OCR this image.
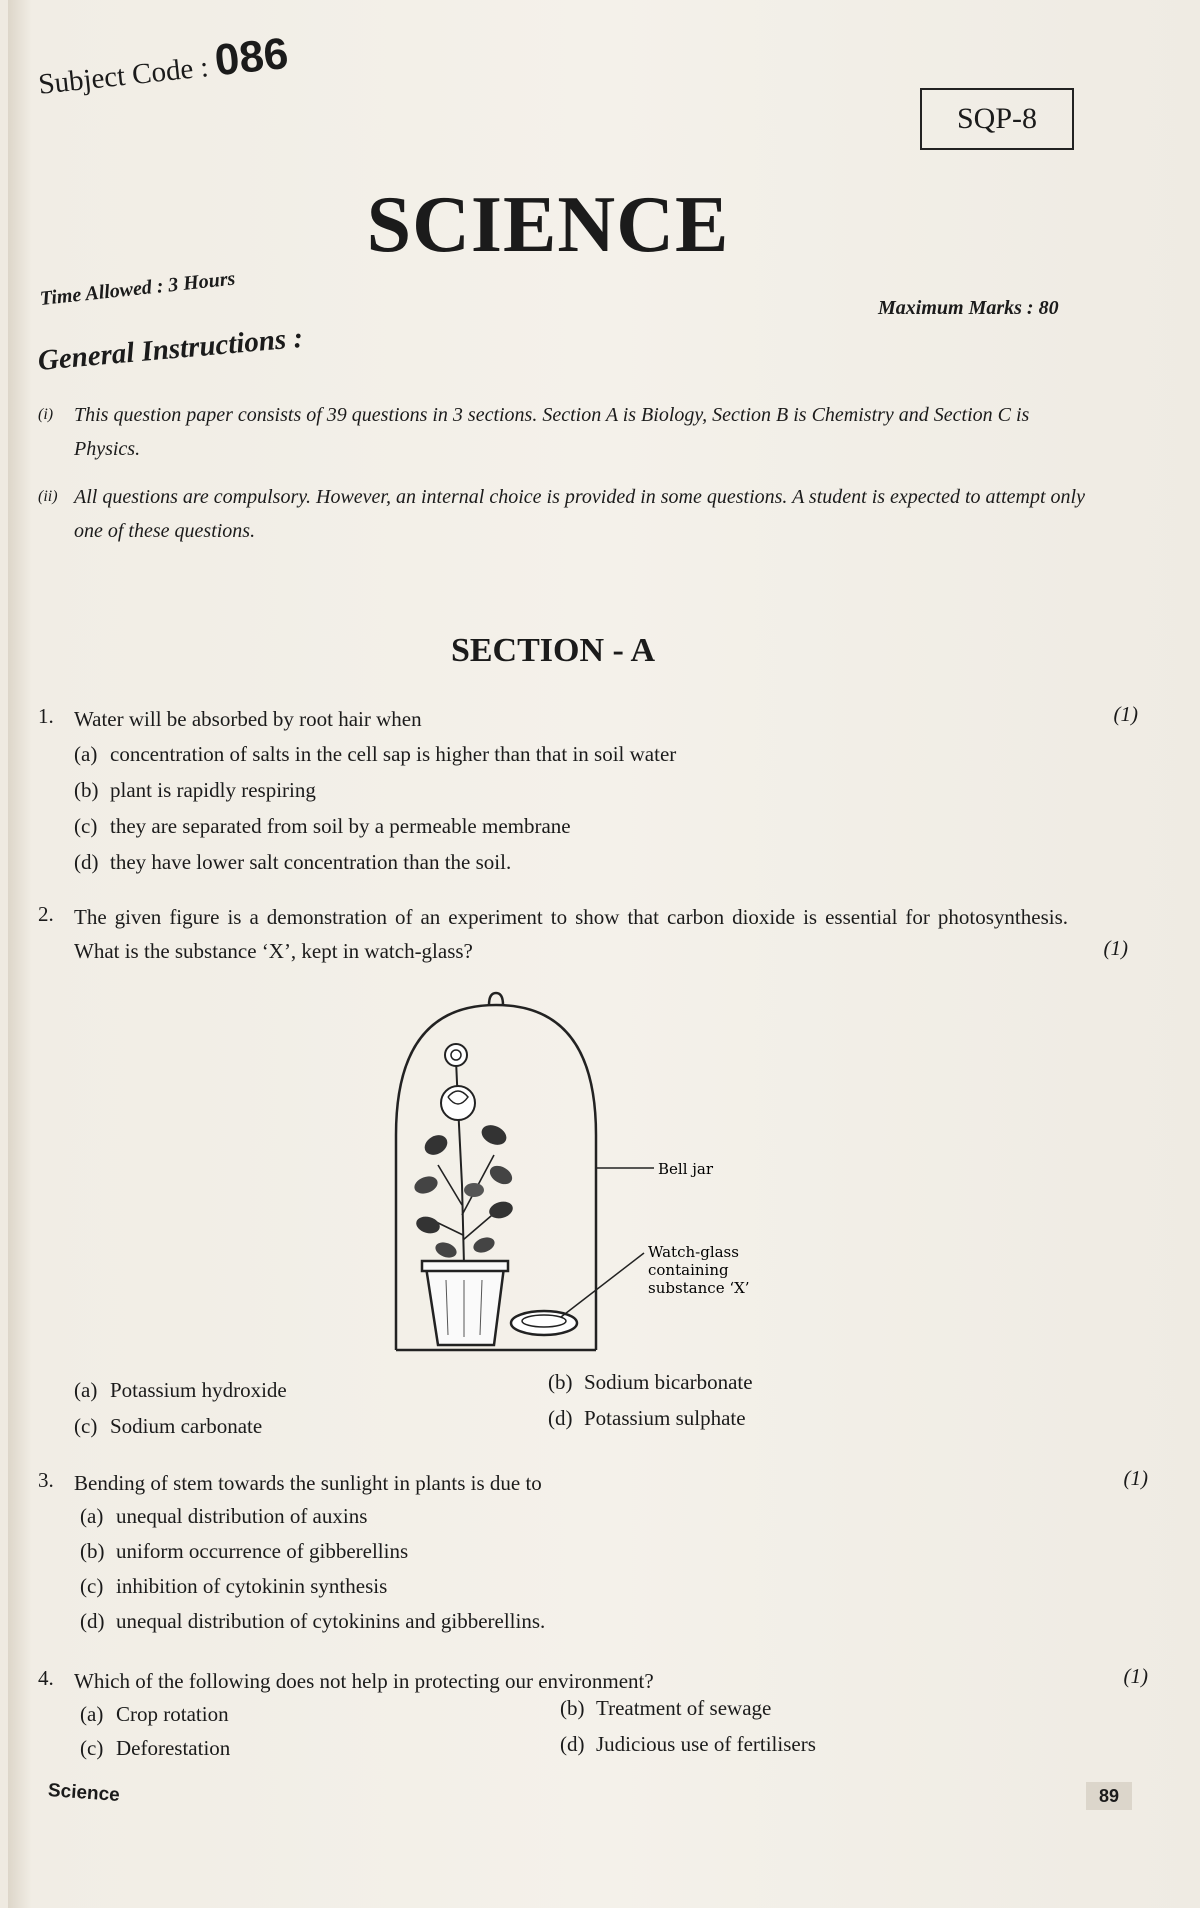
Subject Code : 086
SQP-8
SCIENCE
Time Allowed : 3 Hours	Maximum Marks : 80
General Instructions :
(i) This question paper consists of 39 questions in 3 sections. Section A is Biology, Section B is Chemistry and Section C is Physics.
(ii) All questions are compulsory. However, an internal choice is provided in some questions. A student is expected to attempt only one of these questions.
SECTION - A
1. Water will be absorbed by root hair when	(1)
(a) concentration of salts in the cell sap is higher than that in soil water
(b) plant is rapidly respiring
(c) they are separated from soil by a permeable membrane
(d) they have lower salt concentration than the soil.
2. The given figure is a demonstration of an experiment to show that carbon dioxide is essential for photosynthesis. What is the substance ‘X’, kept in watch-glass?	(1)
Bell jar
Watch-glass
containing
substance ‘X’
(a) Potassium hydroxide	(b) Sodium bicarbonate
(c) Sodium carbonate	(d) Potassium sulphate
3. Bending of stem towards the sunlight in plants is due to	(1)
(a) unequal distribution of auxins
(b) uniform occurrence of gibberellins
(c) inhibition of cytokinin synthesis
(d) unequal distribution of cytokinins and gibberellins.
4. Which of the following does not help in protecting our environment?	(1)
(a) Crop rotation	(b) Treatment of sewage
(c) Deforestation	(d) Judicious use of fertilisers
Science	89
